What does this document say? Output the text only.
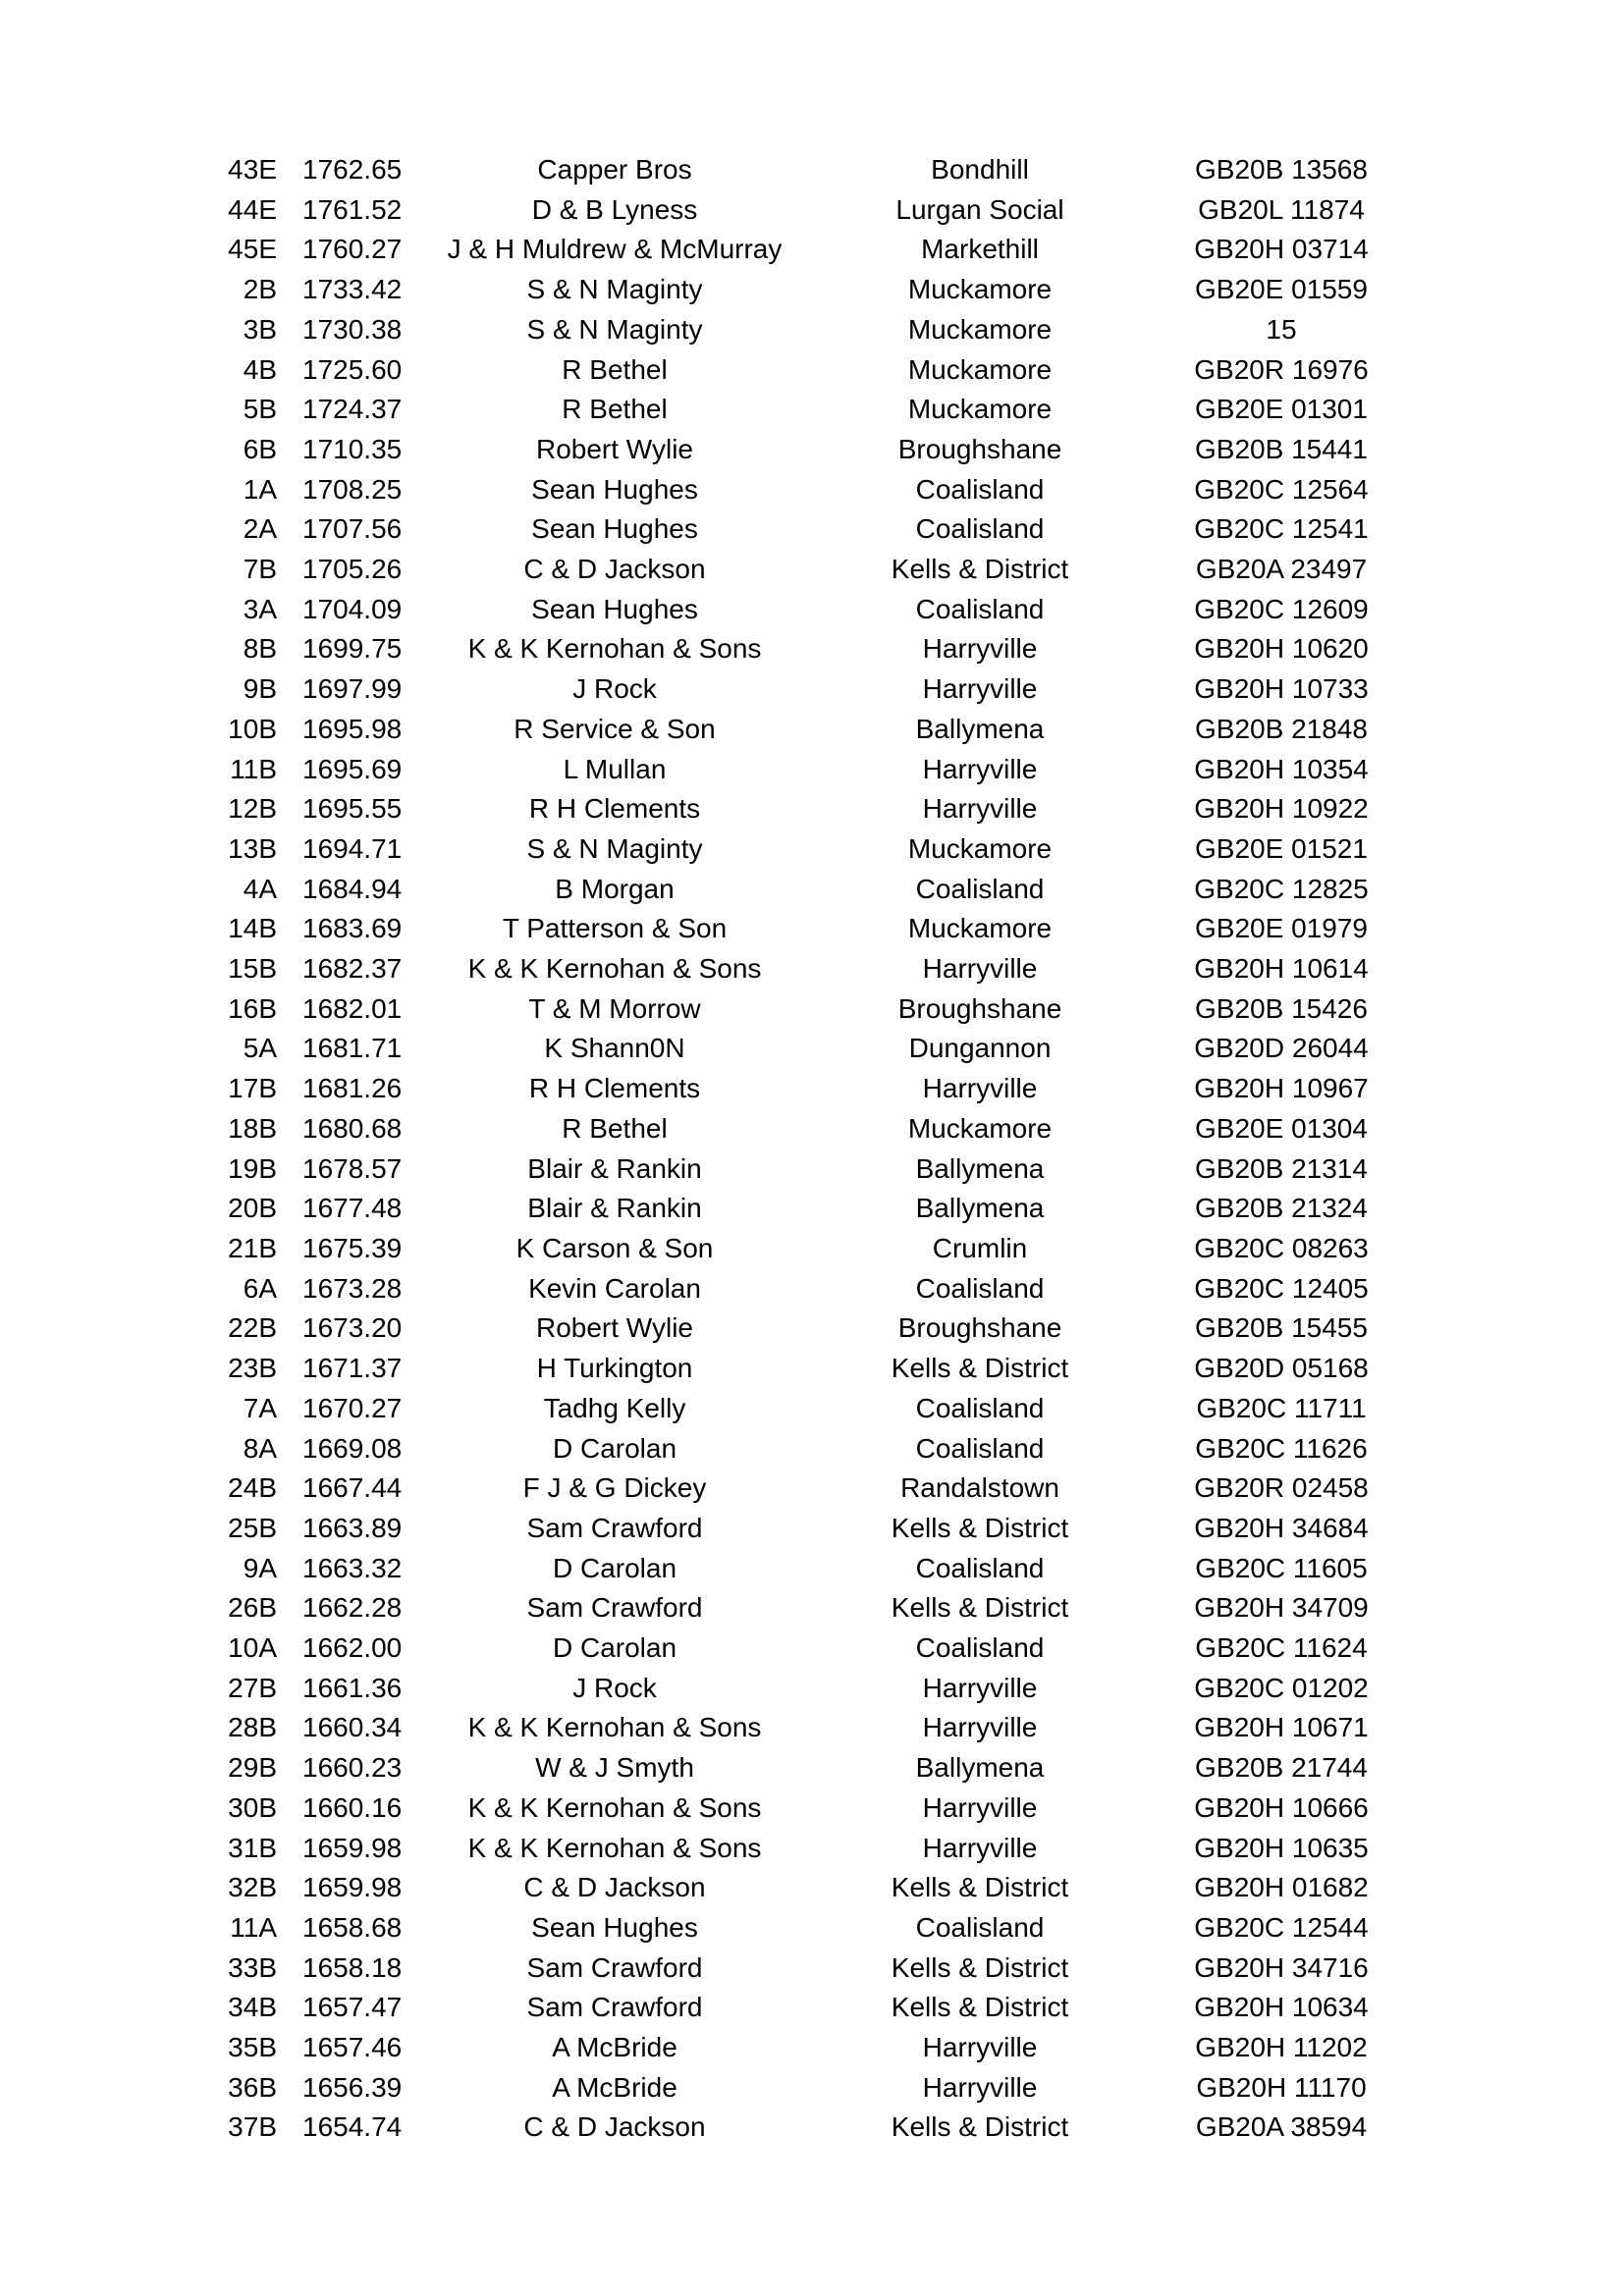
43E	1762.65	Capper Bros	Bondhill	GB20B 13568
44E	1761.52	D & B Lyness	Lurgan Social	GB20L 11874
45E	1760.27	J & H Muldrew & McMurray	Markethill	GB20H 03714
2B	1733.42	S & N Maginty	Muckamore	GB20E 01559
3B	1730.38	S & N Maginty	Muckamore	15
4B	1725.60	R Bethel	Muckamore	GB20R 16976
5B	1724.37	R Bethel	Muckamore	GB20E 01301
6B	1710.35	Robert Wylie	Broughshane	GB20B 15441
1A	1708.25	Sean Hughes	Coalisland	GB20C 12564
2A	1707.56	Sean Hughes	Coalisland	GB20C 12541
7B	1705.26	C & D Jackson	Kells & District	GB20A 23497
3A	1704.09	Sean Hughes	Coalisland	GB20C 12609
8B	1699.75	K & K Kernohan & Sons	Harryville	GB20H 10620
9B	1697.99	J Rock	Harryville	GB20H 10733
10B	1695.98	R Service & Son	Ballymena	GB20B 21848
11B	1695.69	L Mullan	Harryville	GB20H 10354
12B	1695.55	R H Clements	Harryville	GB20H 10922
13B	1694.71	S & N Maginty	Muckamore	GB20E 01521
4A	1684.94	B Morgan	Coalisland	GB20C 12825
14B	1683.69	T Patterson & Son	Muckamore	GB20E 01979
15B	1682.37	K & K Kernohan & Sons	Harryville	GB20H 10614
16B	1682.01	T & M Morrow	Broughshane	GB20B 15426
5A	1681.71	K Shann0N	Dungannon	GB20D 26044
17B	1681.26	R H Clements	Harryville	GB20H 10967
18B	1680.68	R Bethel	Muckamore	GB20E 01304
19B	1678.57	Blair & Rankin	Ballymena	GB20B 21314
20B	1677.48	Blair & Rankin	Ballymena	GB20B 21324
21B	1675.39	K Carson & Son	Crumlin	GB20C 08263
6A	1673.28	Kevin Carolan	Coalisland	GB20C 12405
22B	1673.20	Robert Wylie	Broughshane	GB20B 15455
23B	1671.37	H Turkington	Kells & District	GB20D 05168
7A	1670.27	Tadhg Kelly	Coalisland	GB20C 11711
8A	1669.08	D Carolan	Coalisland	GB20C 11626
24B	1667.44	F J & G Dickey	Randalstown	GB20R 02458
25B	1663.89	Sam Crawford	Kells & District	GB20H 34684
9A	1663.32	D Carolan	Coalisland	GB20C 11605
26B	1662.28	Sam Crawford	Kells & District	GB20H 34709
10A	1662.00	D Carolan	Coalisland	GB20C 11624
27B	1661.36	J Rock	Harryville	GB20C 01202
28B	1660.34	K & K Kernohan & Sons	Harryville	GB20H 10671
29B	1660.23	W & J Smyth	Ballymena	GB20B 21744
30B	1660.16	K & K Kernohan & Sons	Harryville	GB20H 10666
31B	1659.98	K & K Kernohan & Sons	Harryville	GB20H 10635
32B	1659.98	C & D Jackson	Kells & District	GB20H 01682
11A	1658.68	Sean Hughes	Coalisland	GB20C 12544
33B	1658.18	Sam Crawford	Kells & District	GB20H 34716
34B	1657.47	Sam Crawford	Kells & District	GB20H 10634
35B	1657.46	A McBride	Harryville	GB20H 11202
36B	1656.39	A McBride	Harryville	GB20H 11170
37B	1654.74	C & D Jackson	Kells & District	GB20A 38594
